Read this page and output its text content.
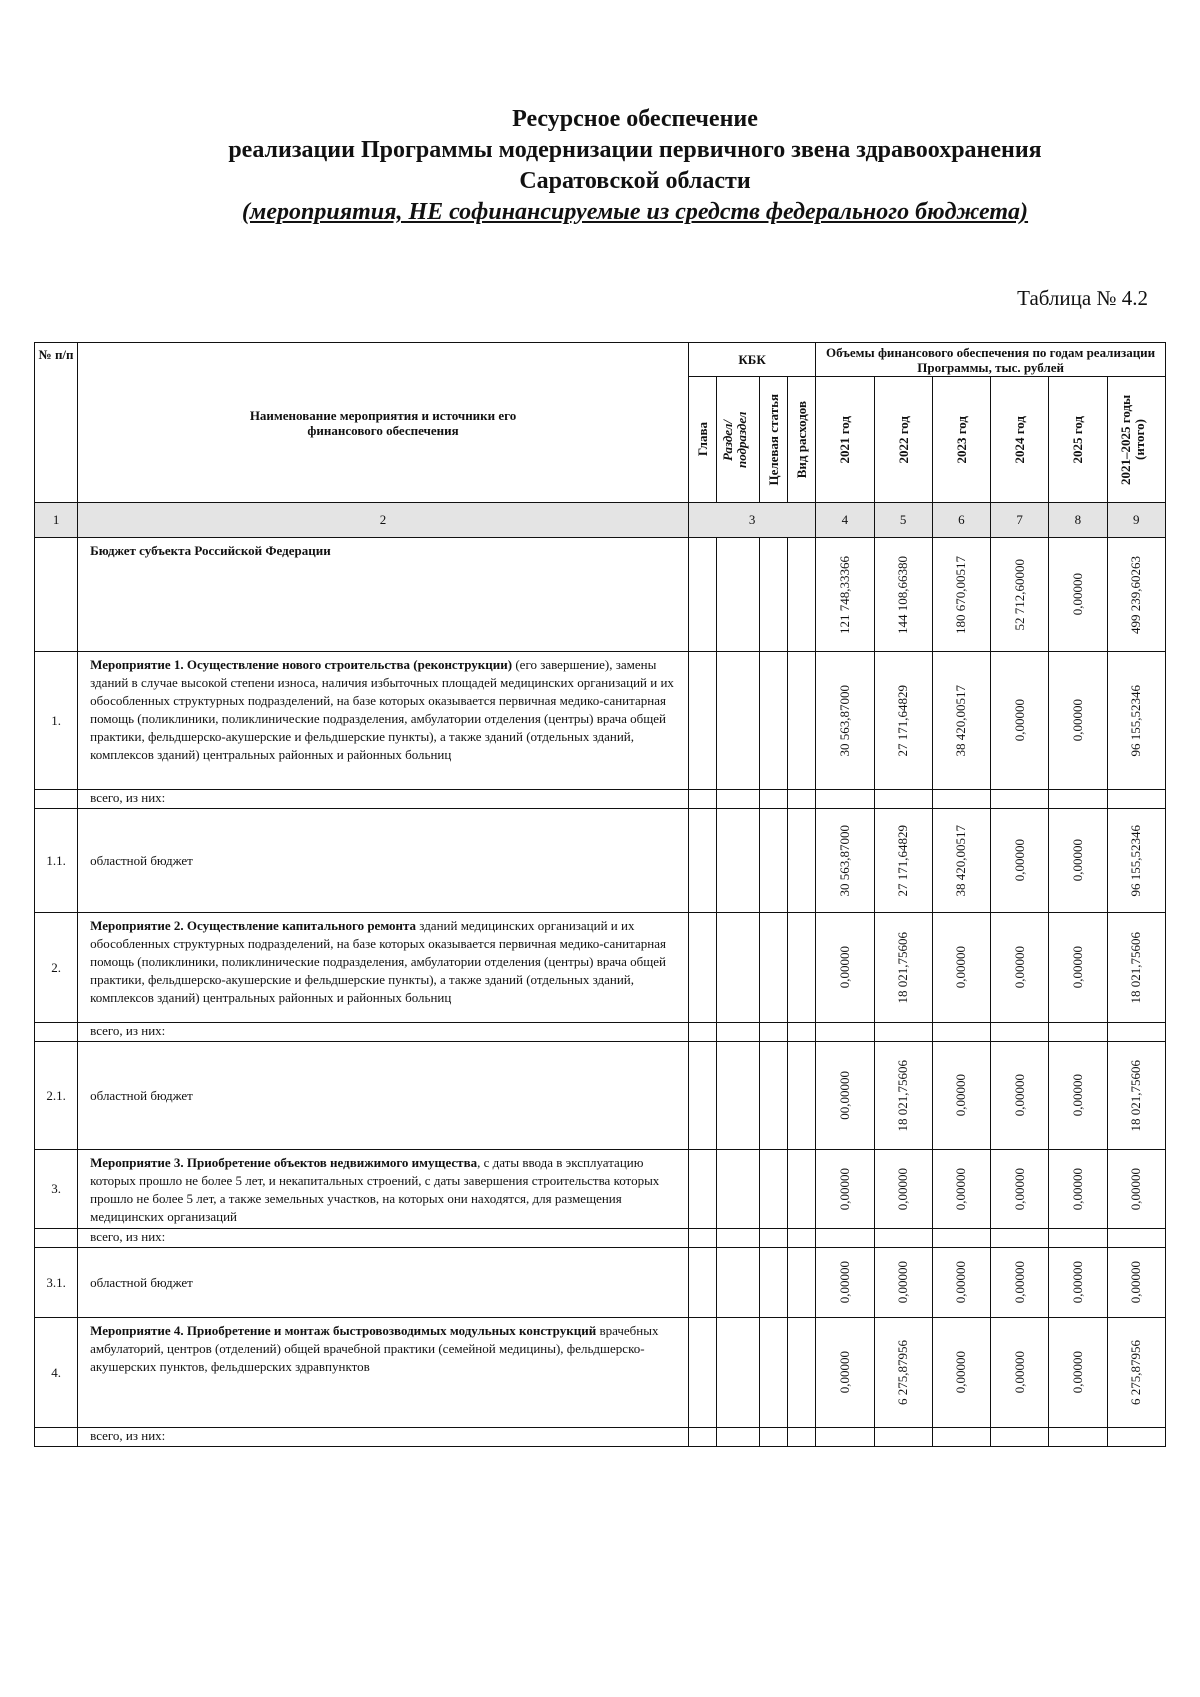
Ресурсное обеспечение
реализации Программы модернизации первичного звена здравоохранения
Саратовской области
(мероприятия, НЕ софинансируемые из средств федерального бюджета)
Таблица № 4.2
№ п/п	Наименование мероприятия и источники его финансового обеспечения	КБК				Объемы финансового обеспечения по годам реализации Программы, тыс. рублей					

		Глава	Раздел/ подраздел	Целевая статья	Вид расходов	2021 год	2022 год	2023 год	2024 год	2025 год	2021–2025 годы (итого)

1	2	3				4	5	6	7	8	9
	Бюджет субъекта Российской Федерации					121 748,33366	144 108,66380	180 670,00517	52 712,60000	0,00000	499 239,60263

1.	Мероприятие 1. Осуществление нового строительства (реконструкции) (его завершение), замены зданий в случае высокой степени износа, наличия избыточных площадей медицинских организаций и их обособленных структурных подразделений, на базе которых оказывается первичная медико-санитарная помощь (поликлиники, поликлинические подразделения, амбулатории отделения (центры) врача общей практики, фельдшерско-акушерские и фельдшерские пункты), а также зданий (отдельных зданий, комплексов зданий) центральных районных и районных больниц					30 563,87000	27 171,64829	38 420,00517	0,00000	0,00000	96 155,52346

	всего, из них:										
1.1.	областной бюджет					30 563,87000	27 171,64829	38 420,00517	0,00000	0,00000	96 155,52346

2.	Мероприятие 2. Осуществление капитального ремонта зданий медицинских организаций и их обособленных структурных подразделений, на базе которых оказывается первичная медико-санитарная помощь (поликлиники, поликлинические подразделения, амбулатории отделения (центры) врача общей практики, фельдшерско-акушерские и фельдшерские пункты), а также зданий (отдельных зданий, комплексов зданий) центральных районных и районных больниц					0,00000	18 021,75606	0,00000	0,00000	0,00000	18 021,75606

	всего, из них:										
2.1.	областной бюджет					00,00000	18 021,75606	0,00000	0,00000	0,00000	18 021,75606

3.	Мероприятие 3. Приобретение объектов недвижимого имущества, с даты ввода в эксплуатацию которых прошло не более 5 лет, и некапитальных строений, с даты завершения строительства которых прошло не более 5 лет, а также земельных участков, на которых они находятся, для размещения медицинских организаций					0,00000	0,00000	0,00000	0,00000	0,00000	0,00000

	всего, из них:										
3.1.	областной бюджет					0,00000	0,00000	0,00000	0,00000	0,00000	0,00000

4.	Мероприятие 4. Приобретение и монтаж быстровозводимых модульных конструкций врачебных амбулаторий, центров (отделений) общей врачебной практики (семейной медицины), фельдшерско-акушерских пунктов, фельдшерских здравпунктов					0,00000	6 275,87956	0,00000	0,00000	0,00000	6 275,87956

	всего, из них:										
